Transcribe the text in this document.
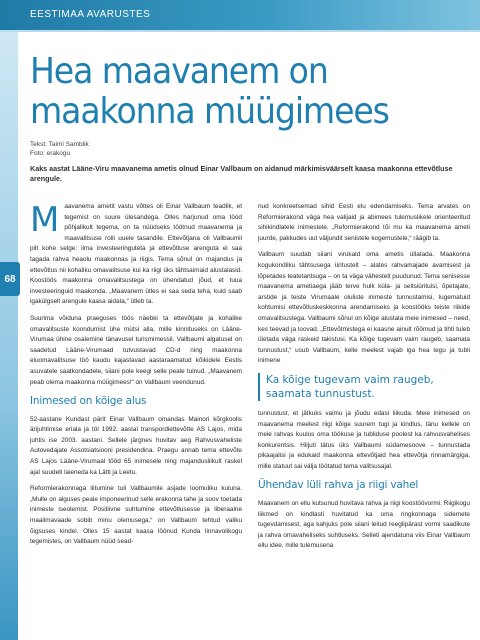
EESTIMAA AVARUSTES
68
Hea maavanem on maakonna müügimees
Tekst: Taimi Samblik
Foto: erakogu
Kaks aastat Lääne-Viru maavanema ametis olnud Einar Vallbaum on aidanud märkimisväärselt kaasa maakonna ettevõtluse arengule.

M aavanema ametit vastu võttes oli Einar Vallbaum teadlik, et tegemist on suure ülesandega. Olles harjunud oma tööd põhjalikult tegema, on ta nüüdseks töötnud maavanema ja maavalitsuse rolli uuele tasandile. Ettevõtjana oli Vallbaumil pilt kohe selge: ilma investeeringuteta ja ettevõtluse arenguta ei saa tagada rahva heaolu maakonnas ja riigis. Tema sõnul on majandus ja ettevõtlus nii kohaliku omavalitsuse kui ka riigi üks tähtsaimaid alustalasid. Koostöös maakonna omavalitsustega on ühendatud jõud, et tuua investeeringuid maakonda. „Maavanem ütles ei saa seda teha, kuid saab igakülgselt arengule kaasa aidata,“ ütleb ta.

Suurima võiduna praeguses töös näebki ta ettevõtjate ja kohalike omavalitsuste koondumist ühe mütsi alla, mille kinnituseks on Lääne-Virumaa ühine osalemine tänavusel turismimessil. Vallbaumi algatusel on saadetud Lääne-Virumaad tutvustavad CD-d ning maakonna eluomavalitsuse töö kaudu kajastavad aastaraamatud kõikidele Eestis asuvatele saatkondadele, siiani pole keegi selle peale tulnud. „Maavanem peab olema maakonna müügimees!“ on Vallbaum veendunud.

Inimesed on kõige alus

52-aastane Kundast pärit Einar Vallbaum omandas Mainori kõrgkoolis ärijuhtimise eriala ja töl 1992. aastal transpordiettevõtte AS Lajos, mida juhtis ise 2003. aastani. Sellele järgnes huvitav aeg Rahvusvaheliste Autovedajate Assotsiatsiooni presidendina. Praegu annab tema ettevõte AS Lajos Lääne-Virumaal tööd 65 inimesele ning majandusliikult raskel ajal suudeti laieneda ka Lätti ja Leetu.

Reformierakonnaga liitumine tuli Vallbaumile asjade loomuliku kuluna. „Mulle on alguses peale imponeerinud selle erakonna tahe ja soov toetada inimeste iseolemist. Positiivne suhtumine ettevõtlusesse ja liberaalne maailmavaade sobib minu olemusega,“ on Vallbaum tehtud valiku õigsuses kindel. Olles 15 aastat kaasa löönud Kunda linnavolikogu tegemistes, on Vallbaum nüüd sead-

nud konkreetsemad sihid Eesti elu edendamiseks. Tema arvates on Reformierakond väga hea valijaid ja abimees tulemuslikele orienteeritud sihikindlatele inimestele. „Reformierakond tõi mu ka maavanema ameti juurde, pakkudes uut väljundit senistele kogemustele,“ räägib ta.

Vallbaum suudab siiani virukald oma ametis üllatada. Maakonna kogukondliku tähtsusega üritustelt – alates rahvamajade avamisest ja lõpetades teatetantsuga – on ta väga vähestelt puudunud. Tema senisesse maavanema ametiaega jääb terve hulk küla- ja seltsiürituisi, õpetajate, arstide ja teiste Virumaale oluliste inimeste tunnustamisi, lugematuid kohtumisi ettevõtluskeskkonna arendamiseks ja koostööks teiste riikide omavalitsustega. Vallbaumi sõnul on kõige alustala meie inimesed – need, kes teevad ja loovad. „Ettevõtmistega ei kaasne ainult rõõmud ja tihti tuleb ületada väga raskeid takistusi. Ka kõige tugevam vaim raugeb, saamata tunnustust,“ usub Vallbaum, kelle meelest vajab iga hea tegu ja tubli inimene

Ka kõige tugevam vaim raugeb, saamata tunnustust.

tunnustust, et jätkuks vaimu ja jõudu edasi liikuda. Meie inimesed on maavanema meelest riigi kõige suurem tugi ja kindlus, tänu kellele on meie rahvas kuulus oma töökuse ja tubliduse poolest ka rahvusvahelises konkurentsis. Hiljuti tätus üks Vallbaumi südamesoove – tunnustada pikaajalisi ja edukaid maakonna ettevõtjaid hea ettevõtja rinnamärgiga, mille statuut sai välja töötatud tema valitsusajal.

Ühendav lüli rahva ja riigi vahel

Maavanem on ellu kutsunud huvitava rahva ja riigi koostöövormi. Riigikogu liikmed on kindlasti huvitatud ka oma ringkonnaga sidemete tugevdamisest, aga kahjuks pole siiani leitud reeglipärast vormi saadikute ja rahva omavaheliseks suhtluseks. Selleti ajendatuna viis Einar Vallbaum ellu idee, mille tulemusena
